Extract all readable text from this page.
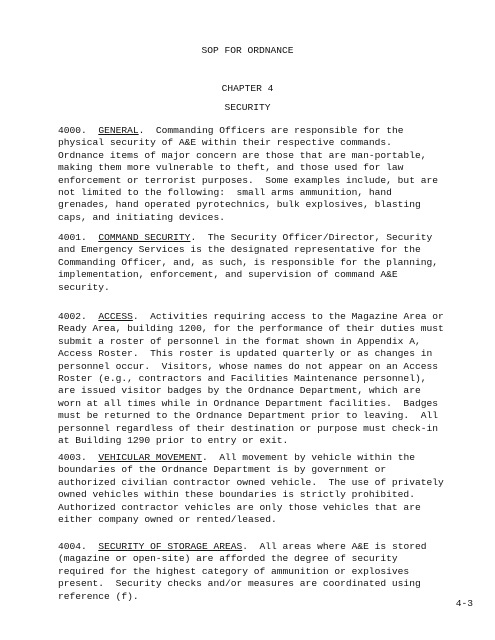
SOP FOR ORDNANCE
CHAPTER 4
SECURITY
4000. GENERAL.  Commanding Officers are responsible for the
physical security of A&E within their respective commands.
Ordnance items of major concern are those that are man-portable,
making them more vulnerable to theft, and those used for law
enforcement or terrorist purposes.  Some examples include, but are
not limited to the following:  small arms ammunition, hand
grenades, hand operated pyrotechnics, bulk explosives, blasting
caps, and initiating devices.
4001. COMMAND SECURITY.  The Security Officer/Director, Security
and Emergency Services is the designated representative for the
Commanding Officer, and, as such, is responsible for the planning,
implementation, enforcement, and supervision of command A&E
security.
4002. ACCESS.  Activities requiring access to the Magazine Area or
Ready Area, building 1200, for the performance of their duties must
submit a roster of personnel in the format shown in Appendix A,
Access Roster.  This roster is updated quarterly or as changes in
personnel occur.  Visitors, whose names do not appear on an Access
Roster (e.g., contractors and Facilities Maintenance personnel),
are issued visitor badges by the Ordnance Department, which are
worn at all times while in Ordnance Department facilities.  Badges
must be returned to the Ordnance Department prior to leaving.  All
personnel regardless of their destination or purpose must check-in
at Building 1290 prior to entry or exit.
4003. VEHICULAR MOVEMENT.  All movement by vehicle within the
boundaries of the Ordnance Department is by government or
authorized civilian contractor owned vehicle.  The use of privately
owned vehicles within these boundaries is strictly prohibited.
Authorized contractor vehicles are only those vehicles that are
either company owned or rented/leased.
4004. SECURITY OF STORAGE AREAS.  All areas where A&E is stored
(magazine or open-site) are afforded the degree of security
required for the highest category of ammunition or explosives
present.  Security checks and/or measures are coordinated using
reference (f).
4-3
